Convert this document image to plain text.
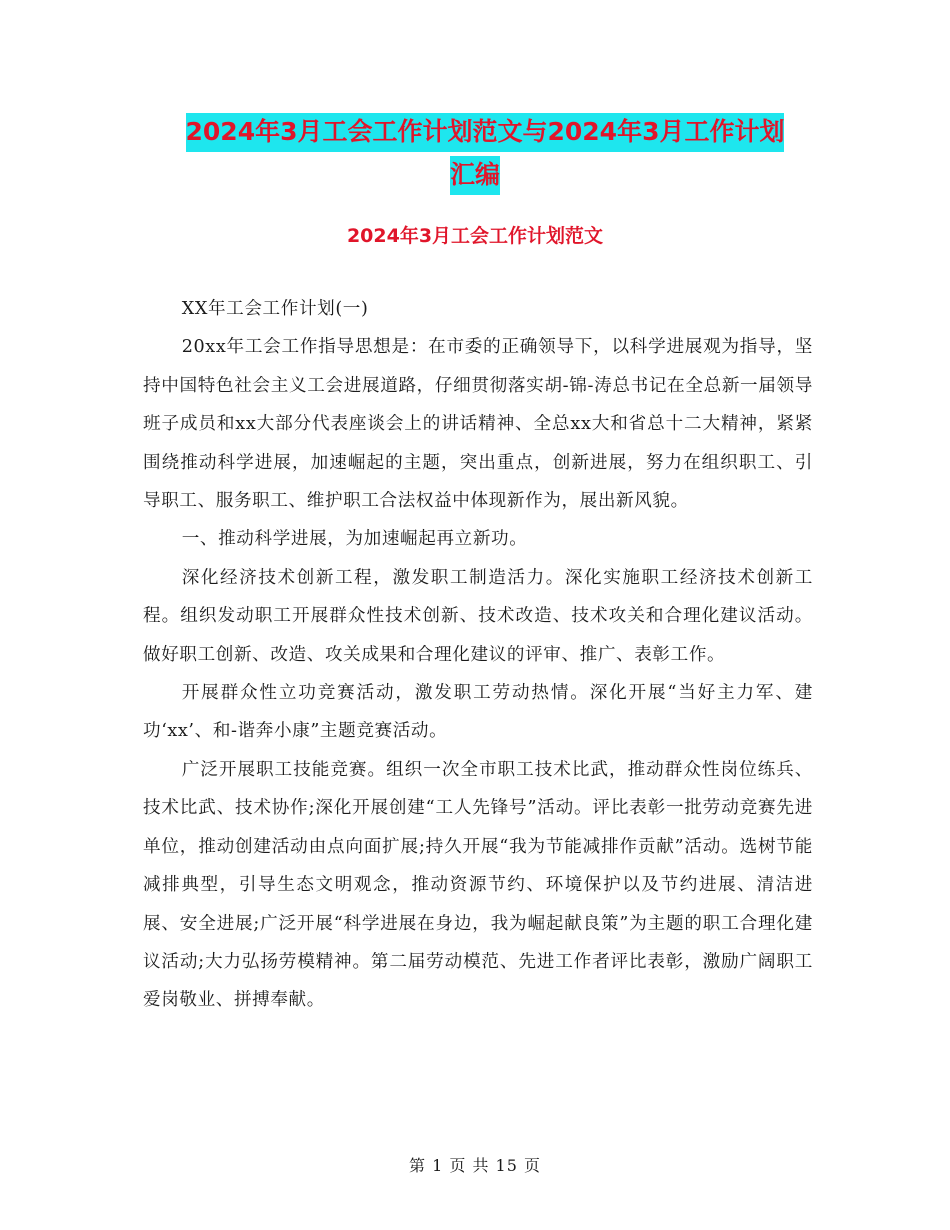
2024年3月工会工作计划范文与2024年3月工作计划
汇编
2024年3月工会工作计划范文

XX年工会工作计划(一)

20xx年工会工作指导思想是：在市委的正确领导下，以科学进展观为指导，坚持中国特色社会主义工会进展道路，仔细贯彻落实胡-锦-涛总书记在全总新一届领导班子成员和xx大部分代表座谈会上的讲话精神、全总xx大和省总十二大精神，紧紧围绕推动科学进展，加速崛起的主题，突出重点，创新进展，努力在组织职工、引导职工、服务职工、维护职工合法权益中体现新作为，展出新风貌。

一、推动科学进展，为加速崛起再立新功。

深化经济技术创新工程，激发职工制造活力。深化实施职工经济技术创新工程。组织发动职工开展群众性技术创新、技术改造、技术攻关和合理化建议活动。做好职工创新、改造、攻关成果和合理化建议的评审、推广、表彰工作。

开展群众性立功竞赛活动，激发职工劳动热情。深化开展“当好主力军、建功‘xx’、和-谐奔小康”主题竞赛活动。

广泛开展职工技能竞赛。组织一次全市职工技术比武，推动群众性岗位练兵、技术比武、技术协作;深化开展创建“工人先锋号”活动。评比表彰一批劳动竞赛先进单位，推动创建活动由点向面扩展;持久开展“我为节能减排作贡献”活动。选树节能减排典型，引导生态文明观念，推动资源节约、环境保护以及节约进展、清洁进展、安全进展;广泛开展“科学进展在身边，我为崛起献良策”为主题的职工合理化建议活动;大力弘扬劳模精神。第二届劳动模范、先进工作者评比表彰，激励广阔职工爱岗敬业、拼搏奉献。

第 1 页 共 15 页
